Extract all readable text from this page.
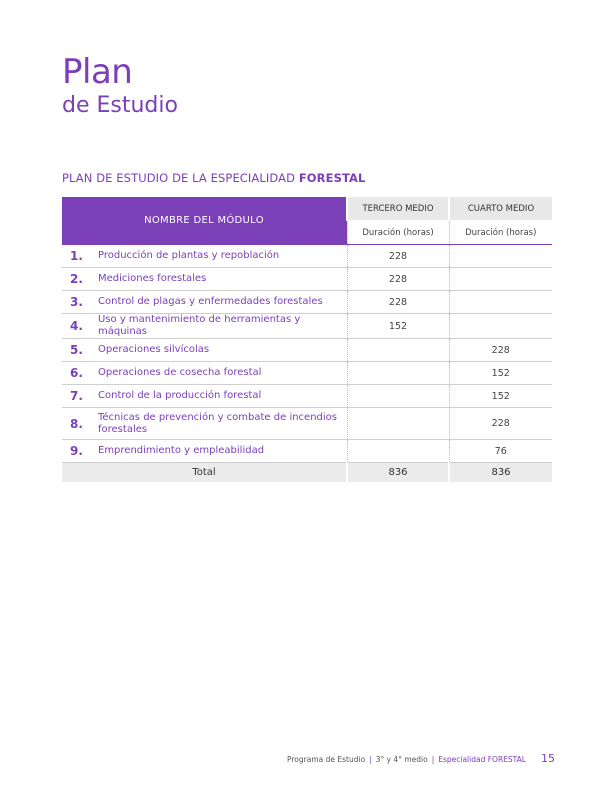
Plan
de Estudio
PLAN DE ESTUDIO DE LA ESPECIALIDAD FORESTAL
NOMBRE DEL MÓDULO		TERCERO MEDIO	CUARTO MEDIO
		Duración (horas)	Duración (horas)
1.	Producción de plantas y repoblación	228	
2.	Mediciones forestales	228	
3.	Control de plagas y enfermedades forestales	228	
4.	Uso y mantenimiento de herramientas y máquinas	152	
5.	Operaciones silvícolas		228
6.	Operaciones de cosecha forestal		152
7.	Control de la producción forestal		152
8.	Técnicas de prevención y combate de incendios forestales		228
9.	Emprendimiento y empleabilidad		76
Total		836	836
Programa de Estudio | 3° y 4° medio | Especialidad FORESTAL 15
